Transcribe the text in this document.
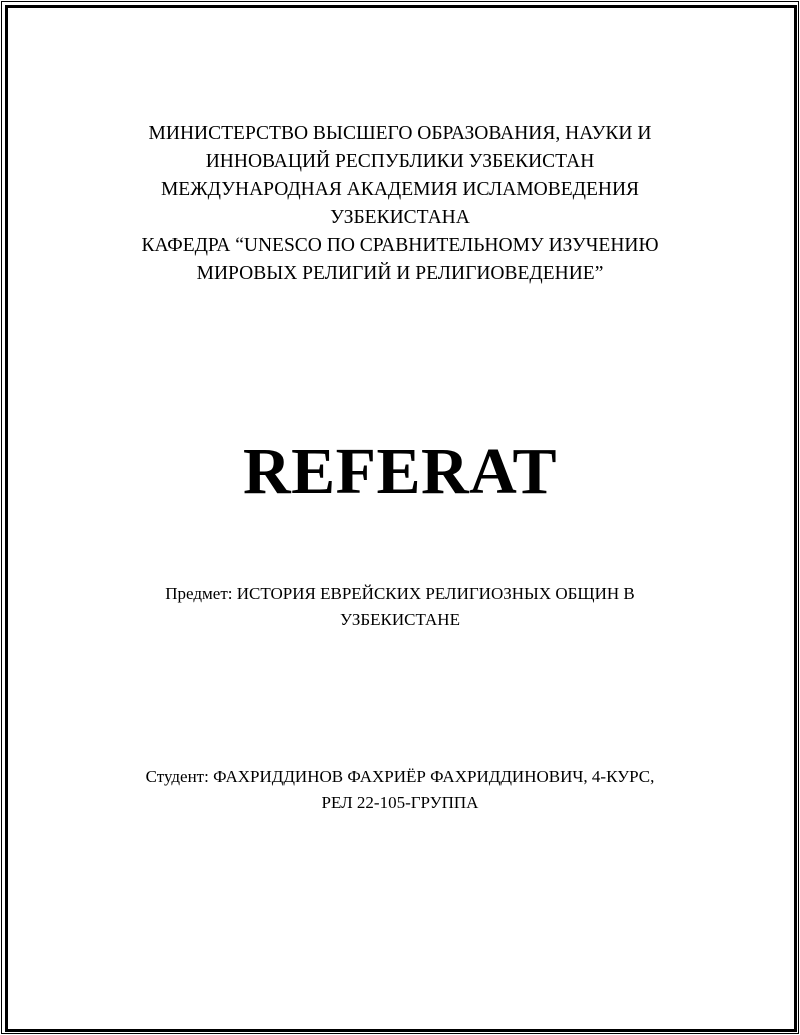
МИНИСТЕРСТВО ВЫСШЕГО ОБРАЗОВАНИЯ, НАУКИ И
ИННОВАЦИЙ РЕСПУБЛИКИ УЗБЕКИСТАН
МЕЖДУНАРОДНАЯ АКАДЕМИЯ ИСЛАМОВЕДЕНИЯ
УЗБЕКИСТАНА
КАФЕДРА “UNESCO ПО СРАВНИТЕЛЬНОМУ ИЗУЧЕНИЮ
МИРОВЫХ РЕЛИГИЙ И РЕЛИГИОВЕДЕНИЕ”
REFERAT
Предмет: ИСТОРИЯ ЕВРЕЙСКИХ РЕЛИГИОЗНЫХ ОБЩИН В
УЗБЕКИСТАНЕ
Студент: ФАХРИДДИНОВ ФАХРИЁР ФАХРИДДИНОВИЧ, 4-КУРС,
РЕЛ 22-105-ГРУППА
